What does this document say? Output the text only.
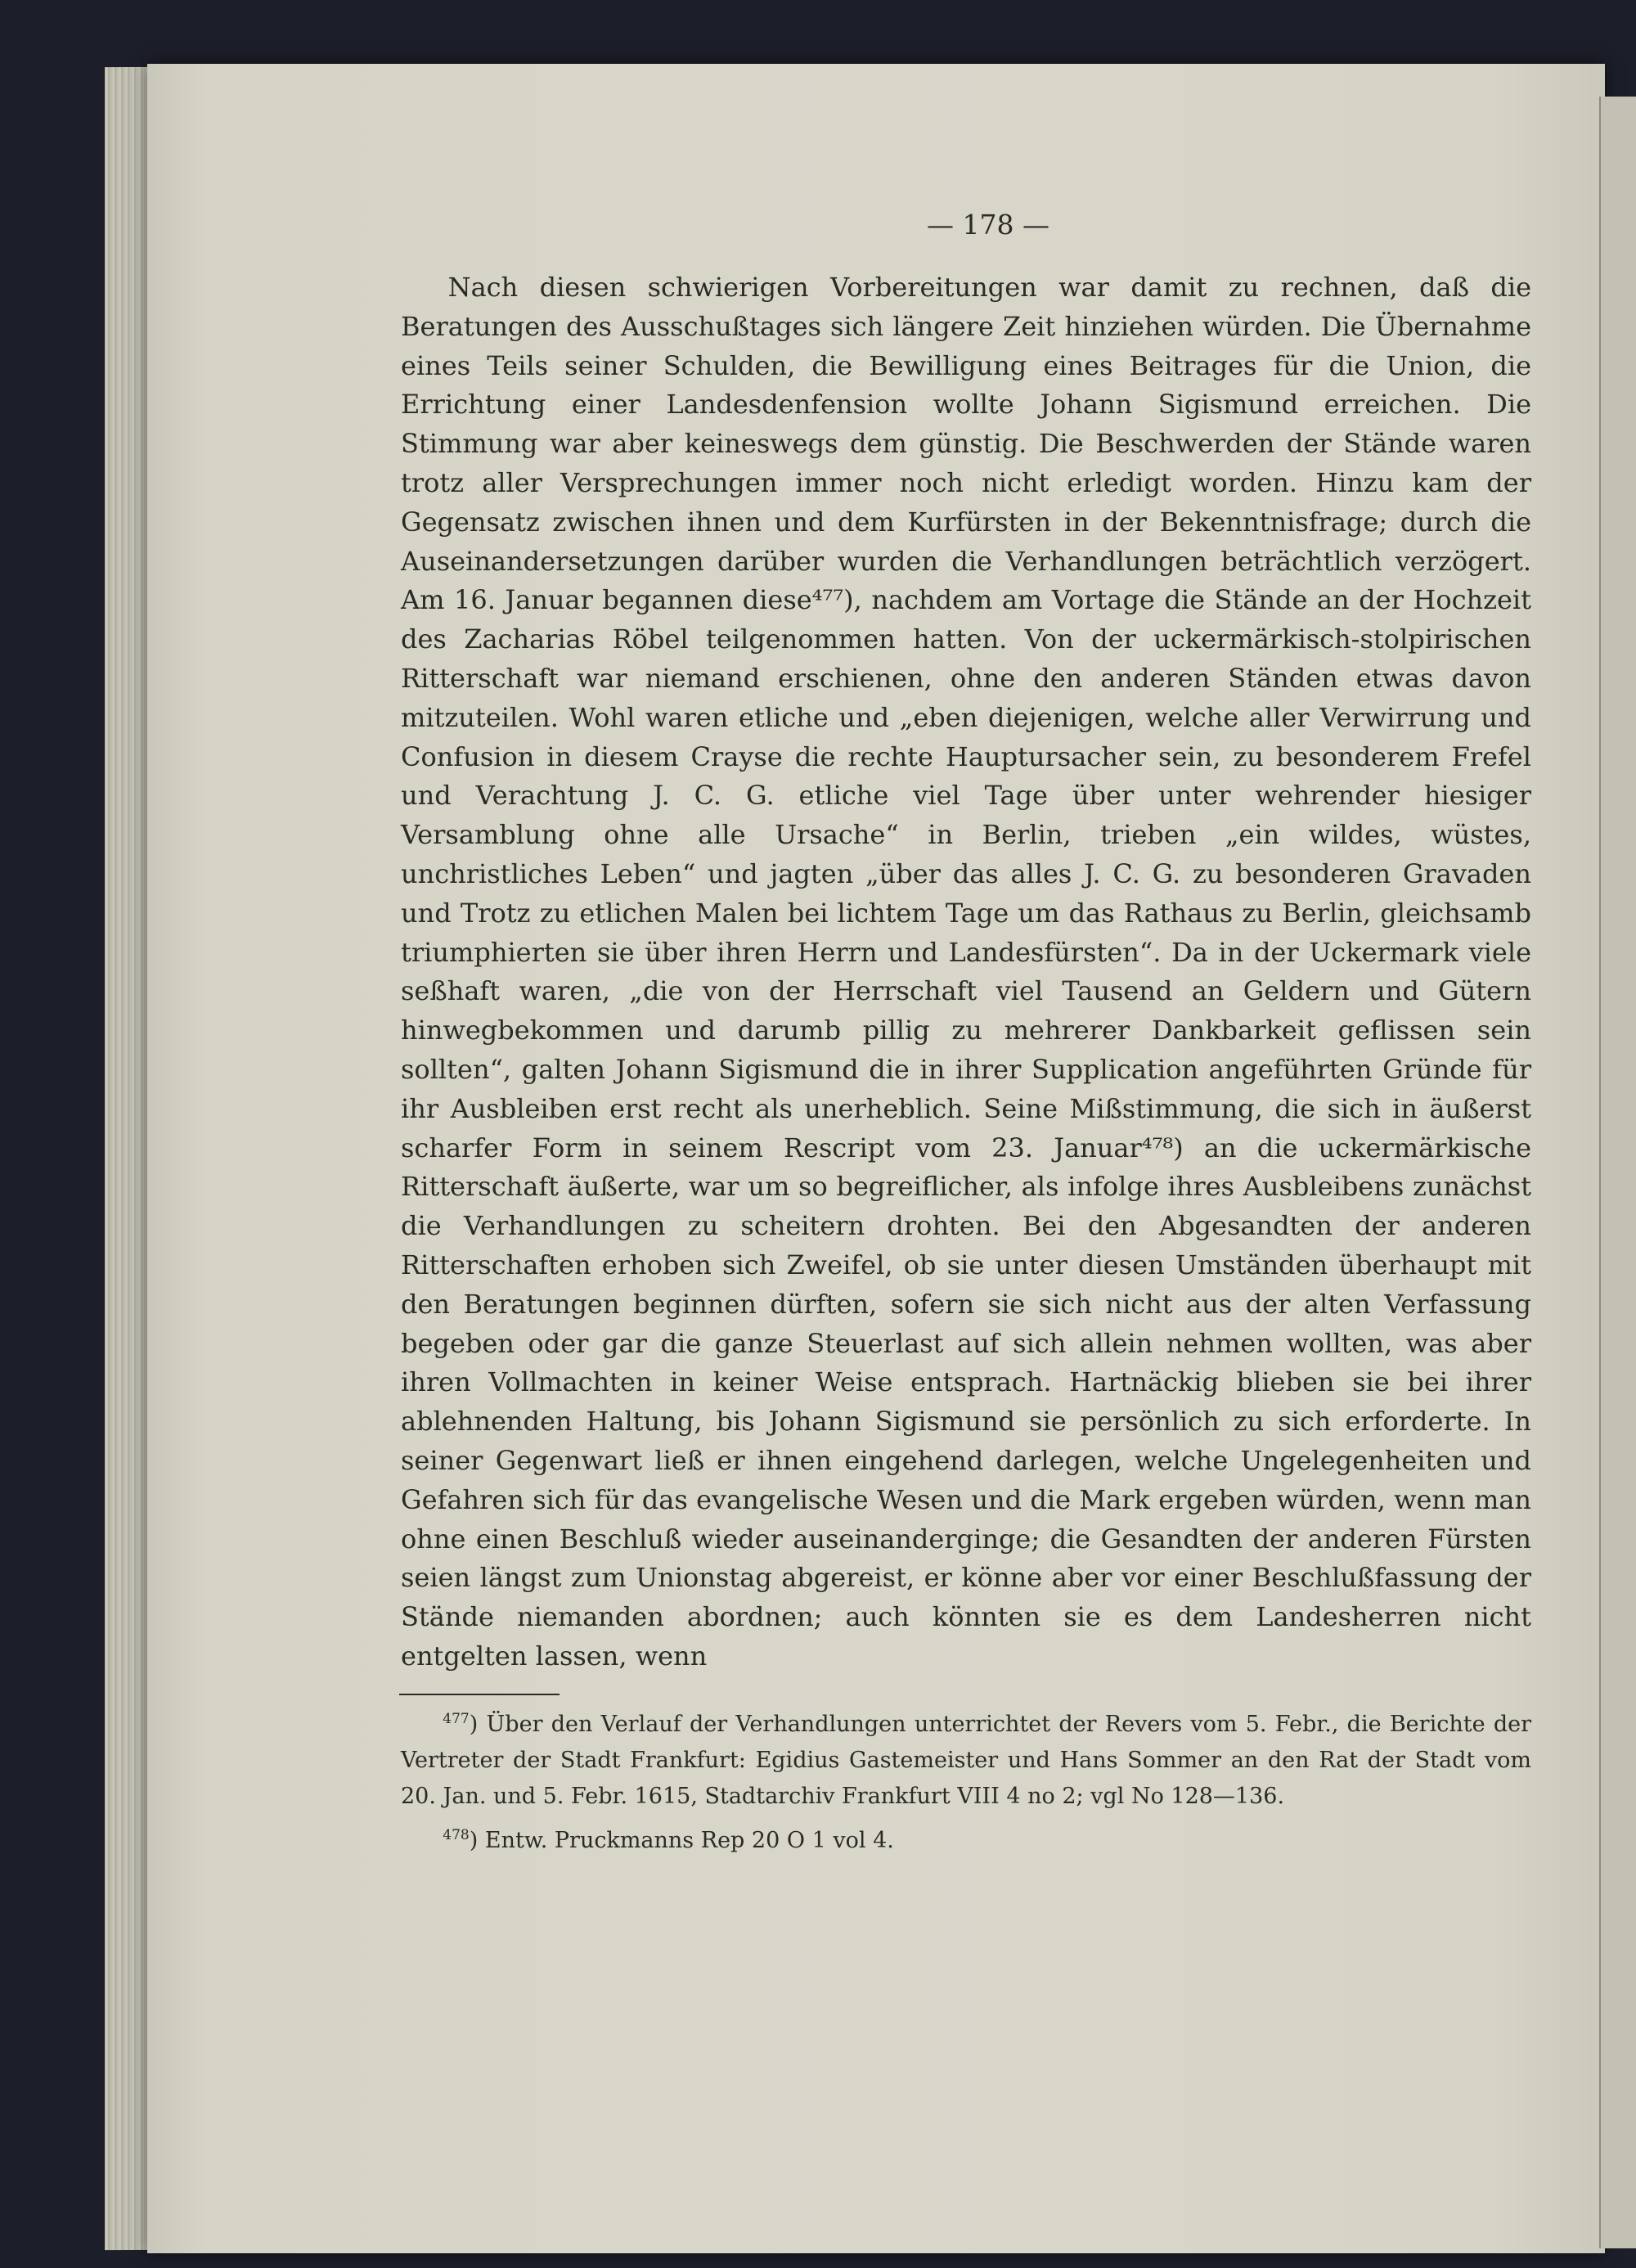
— 178 —
Nach diesen schwierigen Vorbereitungen war damit zu rechnen, daß die Beratungen des Ausschußtages sich längere Zeit hinziehen würden. Die Übernahme eines Teils seiner Schulden, die Bewilligung eines Beitrages für die Union, die Errichtung einer Landesdenfension wollte Johann Sigismund erreichen. Die Stimmung war aber keineswegs dem günstig. Die Beschwerden der Stände waren trotz aller Versprechungen immer noch nicht erledigt worden. Hinzu kam der Gegensatz zwischen ihnen und dem Kurfürsten in der Bekenntnisfrage; durch die Auseinandersetzungen darüber wurden die Verhandlungen beträchtlich verzögert. Am 16. Januar begannen diese⁴⁷⁷), nachdem am Vortage die Stände an der Hochzeit des Zacharias Röbel teilgenommen hatten. Von der uckermärkisch-stolpirischen Ritterschaft war niemand erschienen, ohne den anderen Ständen etwas davon mitzuteilen. Wohl waren etliche und „eben diejenigen, welche aller Verwirrung und Confusion in diesem Crayse die rechte Hauptursacher sein, zu besonderem Frefel und Verachtung J. C. G. etliche viel Tage über unter wehrender hiesiger Versamblung ohne alle Ursache“ in Berlin, trieben „ein wildes, wüstes, unchristliches Leben“ und jagten „über das alles J. C. G. zu besonderen Gravaden und Trotz zu etlichen Malen bei lichtem Tage um das Rathaus zu Berlin, gleichsamb triumphierten sie über ihren Herrn und Landesfürsten“. Da in der Uckermark viele seßhaft waren, „die von der Herrschaft viel Tausend an Geldern und Gütern hinwegbekommen und darumb pillig zu mehrerer Dankbarkeit geflissen sein sollten“, galten Johann Sigismund die in ihrer Supplication angeführten Gründe für ihr Ausbleiben erst recht als unerheblich. Seine Mißstimmung, die sich in äußerst scharfer Form in seinem Rescript vom 23. Januar⁴⁷⁸) an die uckermärkische Ritterschaft äußerte, war um so begreiflicher, als infolge ihres Ausbleibens zunächst die Verhandlungen zu scheitern drohten. Bei den Abgesandten der anderen Ritterschaften erhoben sich Zweifel, ob sie unter diesen Umständen überhaupt mit den Beratungen beginnen dürften, sofern sie sich nicht aus der alten Verfassung begeben oder gar die ganze Steuerlast auf sich allein nehmen wollten, was aber ihren Vollmachten in keiner Weise entsprach. Hartnäckig blieben sie bei ihrer ablehnenden Haltung, bis Johann Sigismund sie persönlich zu sich erforderte. In seiner Gegenwart ließ er ihnen eingehend darlegen, welche Ungelegenheiten und Gefahren sich für das evangelische Wesen und die Mark ergeben würden, wenn man ohne einen Beschluß wieder auseinanderginge; die Gesandten der anderen Fürsten seien längst zum Unionstag abgereist, er könne aber vor einer Beschlußfassung der Stände niemanden abordnen; auch könnten sie es dem Landesherren nicht entgelten lassen, wenn

$^{477}$) Über den Verlauf der Verhandlungen unterrichtet der Revers vom 5. Febr., die Berichte der Vertreter der Stadt Frankfurt: Egidius Gastemeister und Hans Sommer an den Rat der Stadt vom 20. Jan. und 5. Febr. 1615, Stadtarchiv Frankfurt VIII 4 no 2; vgl No 128—136.

$^{478}$) Entw. Pruckmanns Rep 20 O 1 vol 4.
